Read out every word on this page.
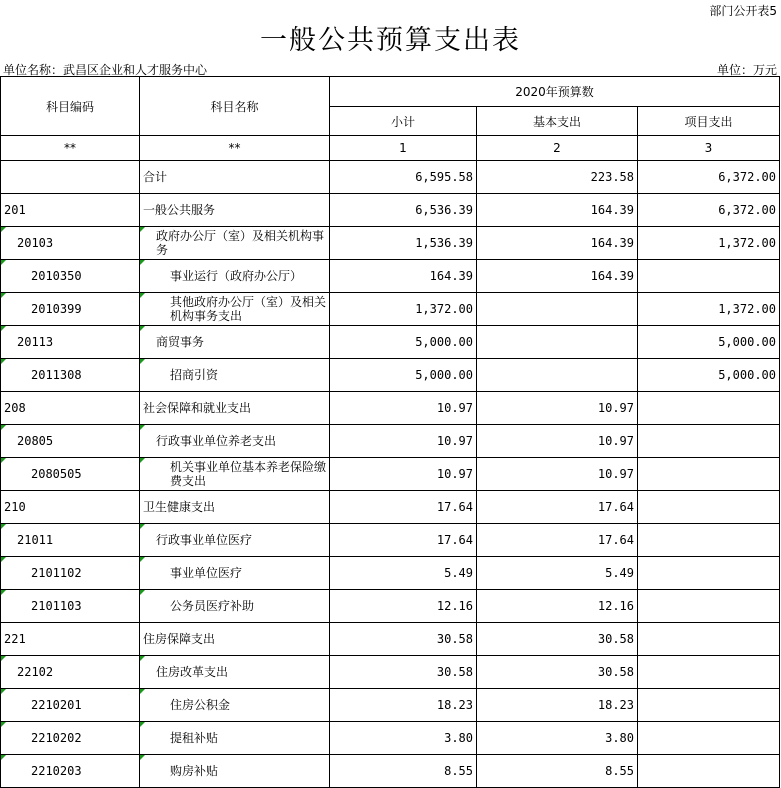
部门公开表5
一般公共预算支出表
单位名称：武昌区企业和人才服务中心	单位：万元
科目编码	科目名称	2020年预算数		
		小计	基本支出	项目支出
**	**	1	2	3
	合计	6,595.58	223.58	6,372.00
201	一般公共服务	6,536.39	164.39	6,372.00
20103	政府办公厅（室）及相关机构事务	1,536.39	164.39	1,372.00
2010350	事业运行（政府办公厅）	164.39	164.39	
2010399	其他政府办公厅（室）及相关机构事务支出	1,372.00		1,372.00
20113	商贸事务	5,000.00		5,000.00
2011308	招商引资	5,000.00		5,000.00
208	社会保障和就业支出	10.97	10.97	
20805	行政事业单位养老支出	10.97	10.97	
2080505	机关事业单位基本养老保险缴费支出	10.97	10.97	
210	卫生健康支出	17.64	17.64	
21011	行政事业单位医疗	17.64	17.64	
2101102	事业单位医疗	5.49	5.49	
2101103	公务员医疗补助	12.16	12.16	
221	住房保障支出	30.58	30.58	
22102	住房改革支出	30.58	30.58	
2210201	住房公积金	18.23	18.23	
2210202	提租补贴	3.80	3.80	
2210203	购房补贴	8.55	8.55	
